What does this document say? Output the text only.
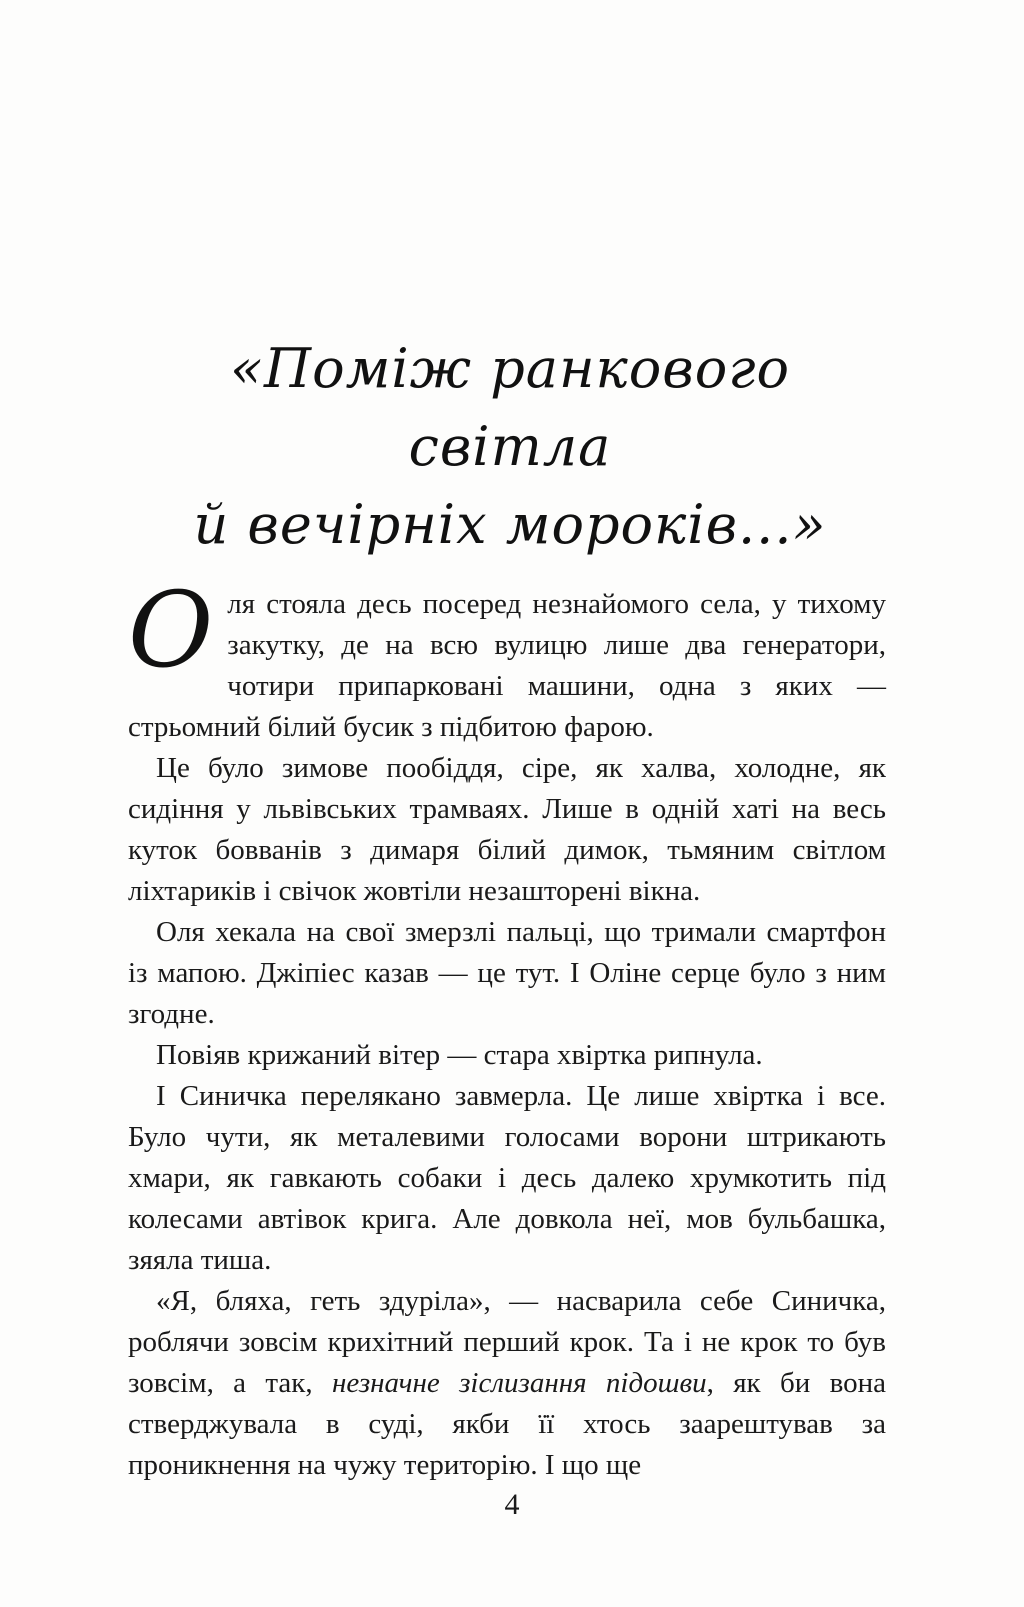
«Поміж ранкового світла
й вечірніх мороків...»

Оля стояла десь посеред незнайомого села, у тихому закутку, де на всю вулицю лише два генератори, чотири припарковані машини, одна з яких — стрьомний білий бусик з підбитою фарою.

Це було зимове пообіддя, сіре, як халва, холодне, як сидіння у львівських трамваях. Лише в одній хаті на весь куток бовванів з димаря білий димок, тьмяним світлом ліхтариків і свічок жовтіли незашторені вікна.

Оля хекала на свої змерзлі пальці, що тримали смартфон із мапою. Джіпіес казав — це тут. І Оліне серце було з ним згодне.

Повіяв крижаний вітер — стара хвіртка рипнула.

І Синичка перелякано завмерла. Це лише хвіртка і все. Було чути, як металевими голосами ворони штрикають хмари, як гавкають собаки і десь далеко хрумкотить під колесами автівок крига. Але довкола неї, мов бульбашка, зяяла тиша.

«Я, бляха, геть здуріла», — насварила себе Синичка, роблячи зовсім крихітний перший крок. Та і не крок то був зовсім, а так, незначне зіслизання підошви, як би вона стверджувала в суді, якби її хтось заарештував за проникнення на чужу територію. І що ще

4
